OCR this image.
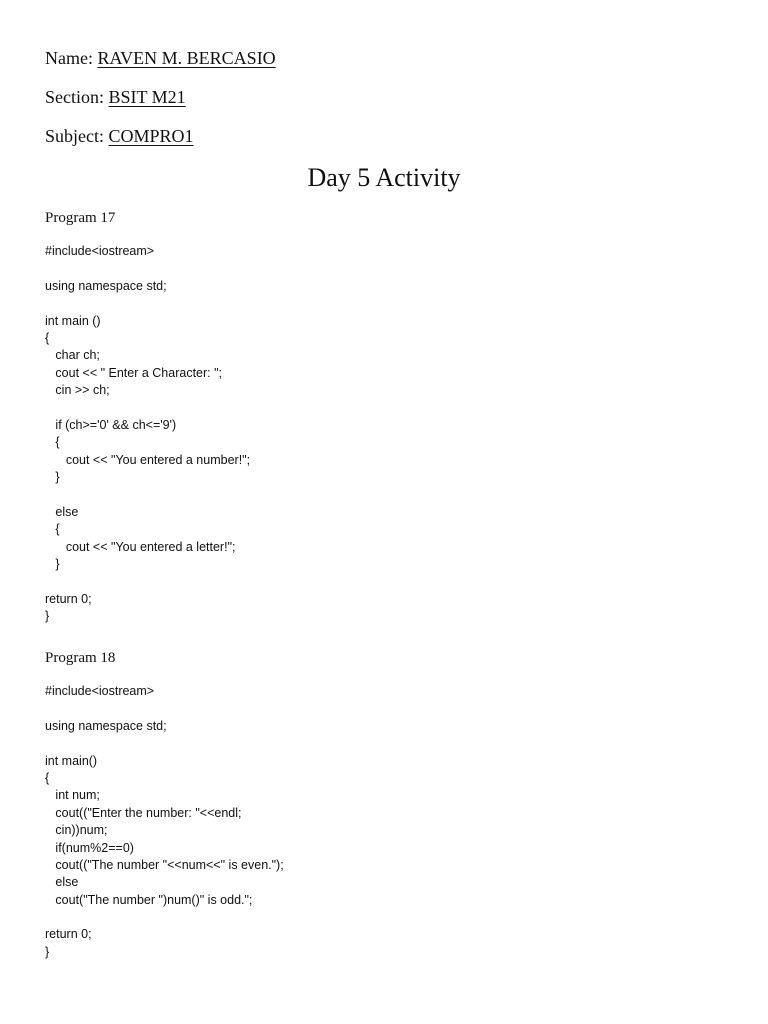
Name: RAVEN M. BERCASIO
Section: BSIT M21
Subject: COMPRO1
Day 5 Activity
Program 17
#include<iostream>
using namespace std;
int main ()
{
char ch;
cout << " Enter a Character: ";
cin >> ch;
if (ch>='0' && ch<='9')
{
cout << "You entered a number!";
}
else
{
cout << "You entered a letter!";
}
return 0;
}
Program 18
#include<iostream>
using namespace std;
int main()
{
int num;
cout(("Enter the number: "<<endl;
cin))num;
if(num%2==0)
cout(("The number "<<num<<" is even.");
else
cout("The number ")num()" is odd.";
return 0;
}
